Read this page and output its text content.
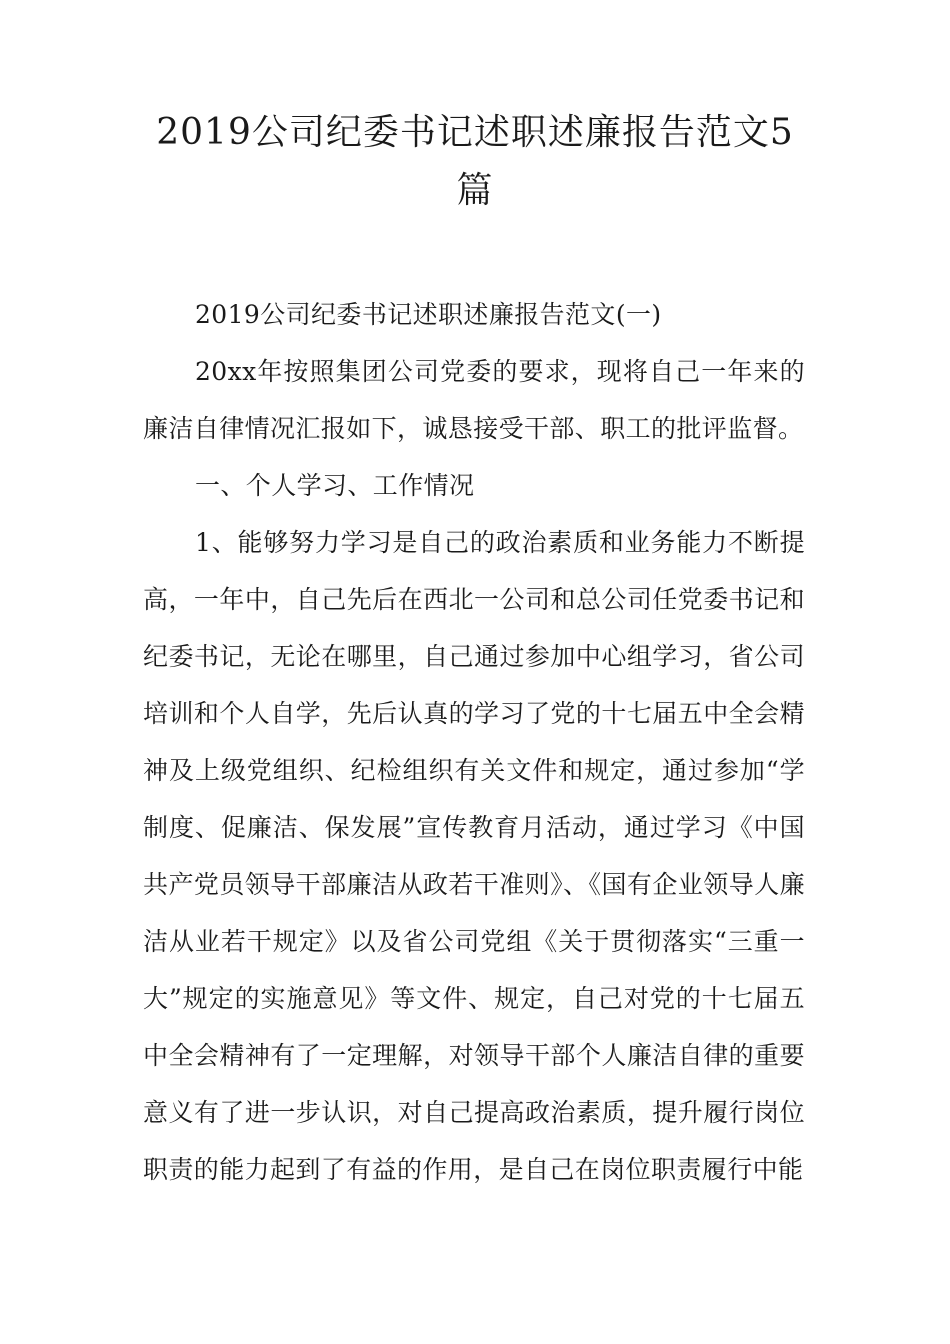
2019公司纪委书记述职述廉报告范文5篇

2019公司纪委书记述职述廉报告范文(一)

20xx年按照集团公司党委的要求，现将自己一年来的廉洁自律情况汇报如下，诚恳接受干部、职工的批评监督。

一、个人学习、工作情况

1、能够努力学习是自己的政治素质和业务能力不断提高，一年中，自己先后在西北一公司和总公司任党委书记和纪委书记，无论在哪里，自己通过参加中心组学习，省公司培训和个人自学，先后认真的学习了党的十七届五中全会精神及上级党组织、纪检组织有关文件和规定，通过参加“学制度、促廉洁、保发展”宣传教育月活动，通过学习《中国共产党员领导干部廉洁从政若干准则》、《国有企业领导人廉洁从业若干规定》以及省公司党组《关于贯彻落实“三重一大”规定的实施意见》等文件、规定，自己对党的十七届五中全会精神有了一定理解，对领导干部个人廉洁自律的重要意义有了进一步认识，对自己提高政治素质，提升履行岗位职责的能力起到了有益的作用，是自己在岗位职责履行中能
